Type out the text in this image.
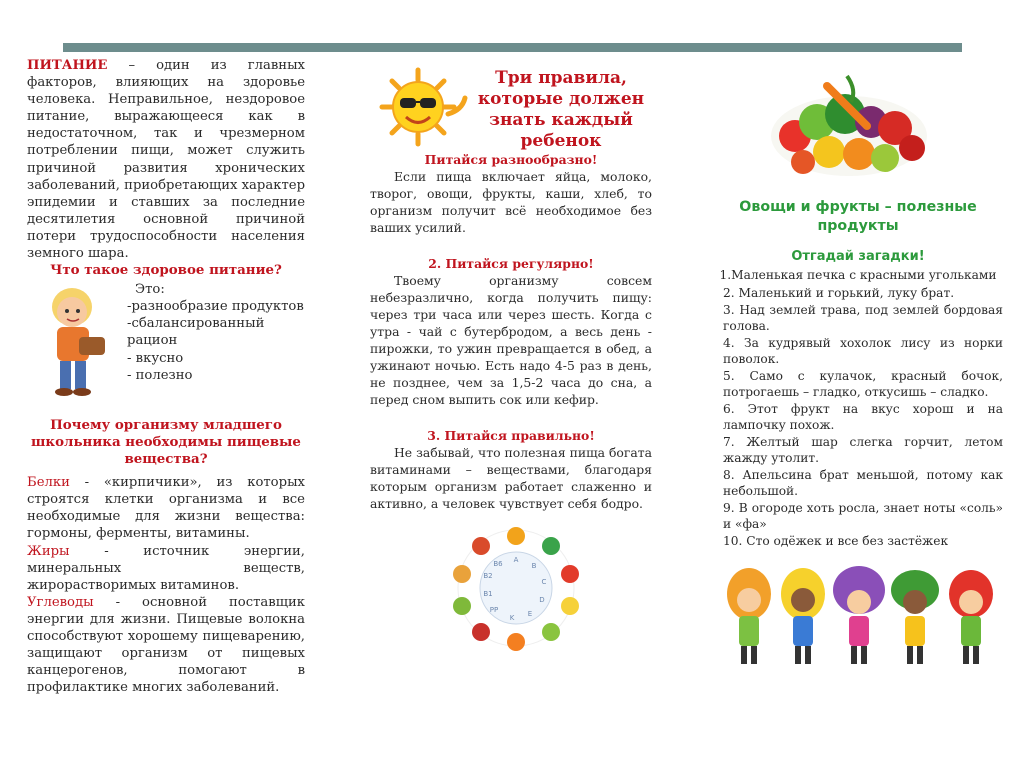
ПИТАНИЕ – один из главных факторов, влияющих на здоровье человека. Неправильное, нездоровое питание, выражающееся как в недостаточном, так и чрезмерном потреблении пищи, может служить причиной развития хронических заболеваний, приобретающих характер эпидемии и ставших за последние десятилетия основной причиной потери трудоспособности населения земного шара.

Что такое здоровое питание?

Это:
-разнообразие продуктов
-сбалансированный рацион
- вкусно
- полезно

Почему организму младшего школьника необходимы пищевые вещества?

Белки - «кирпичики», из которых строятся клетки организма и все необходимые для жизни вещества: гормоны, ферменты, витамины.

Жиры - источник энергии, минеральных веществ, жирорастворимых витаминов.

Углеводы - основной поставщик энергии для жизни. Пищевые волокна способствуют хорошему пищеварению, защищают организм от пищевых канцерогенов, помогают в профилактике многих заболеваний.

Три правила, которые должен знать каждый ребенок

Питайся разнообразно!

Если пища включает яйца, молоко, творог, овощи, фрукты, каши, хлеб, то организм получит всё необходимое без ваших усилий.

2. Питайся регулярно!

Твоему организму совсем небезразлично, когда получить пищу: через три часа или через шесть. Когда с утра - чай с бутербродом, а весь день - пирожки, то ужин превращается в обед, а ужинают ночью. Есть надо 4-5 раз в день, не позднее, чем за 1,5-2 часа до сна, а перед сном выпить сок или кефир.

3. Питайся правильно!

Не забывай, что полезная пища богата витаминами – веществами, благодаря которым организм работает слаженно и активно, а человек чувствует себя бодро.

A
B
C
D
E
K
PP
B1
B2
B6

Овощи и фрукты – полезные продукты

Отгадай загадки!

1.Маленькая печка с красными угольками
2. Маленький и горький, луку брат.
3. Над землей трава, под землей бордовая голова.
4. За кудрявый хохолок лису из норки поволок.
5. Само с кулачок, красный бочок, потрогаешь – гладко, откусишь – сладко.
6. Этот фрукт на вкус хорош и на лампочку похож.
7. Желтый шар слегка горчит, летом жажду утолит.
8. Апельсина брат меньшой, потому как небольшой.
9. В огороде хоть росла, знает ноты «соль» и «фа»
10. Сто одёжек и все без застёжек
